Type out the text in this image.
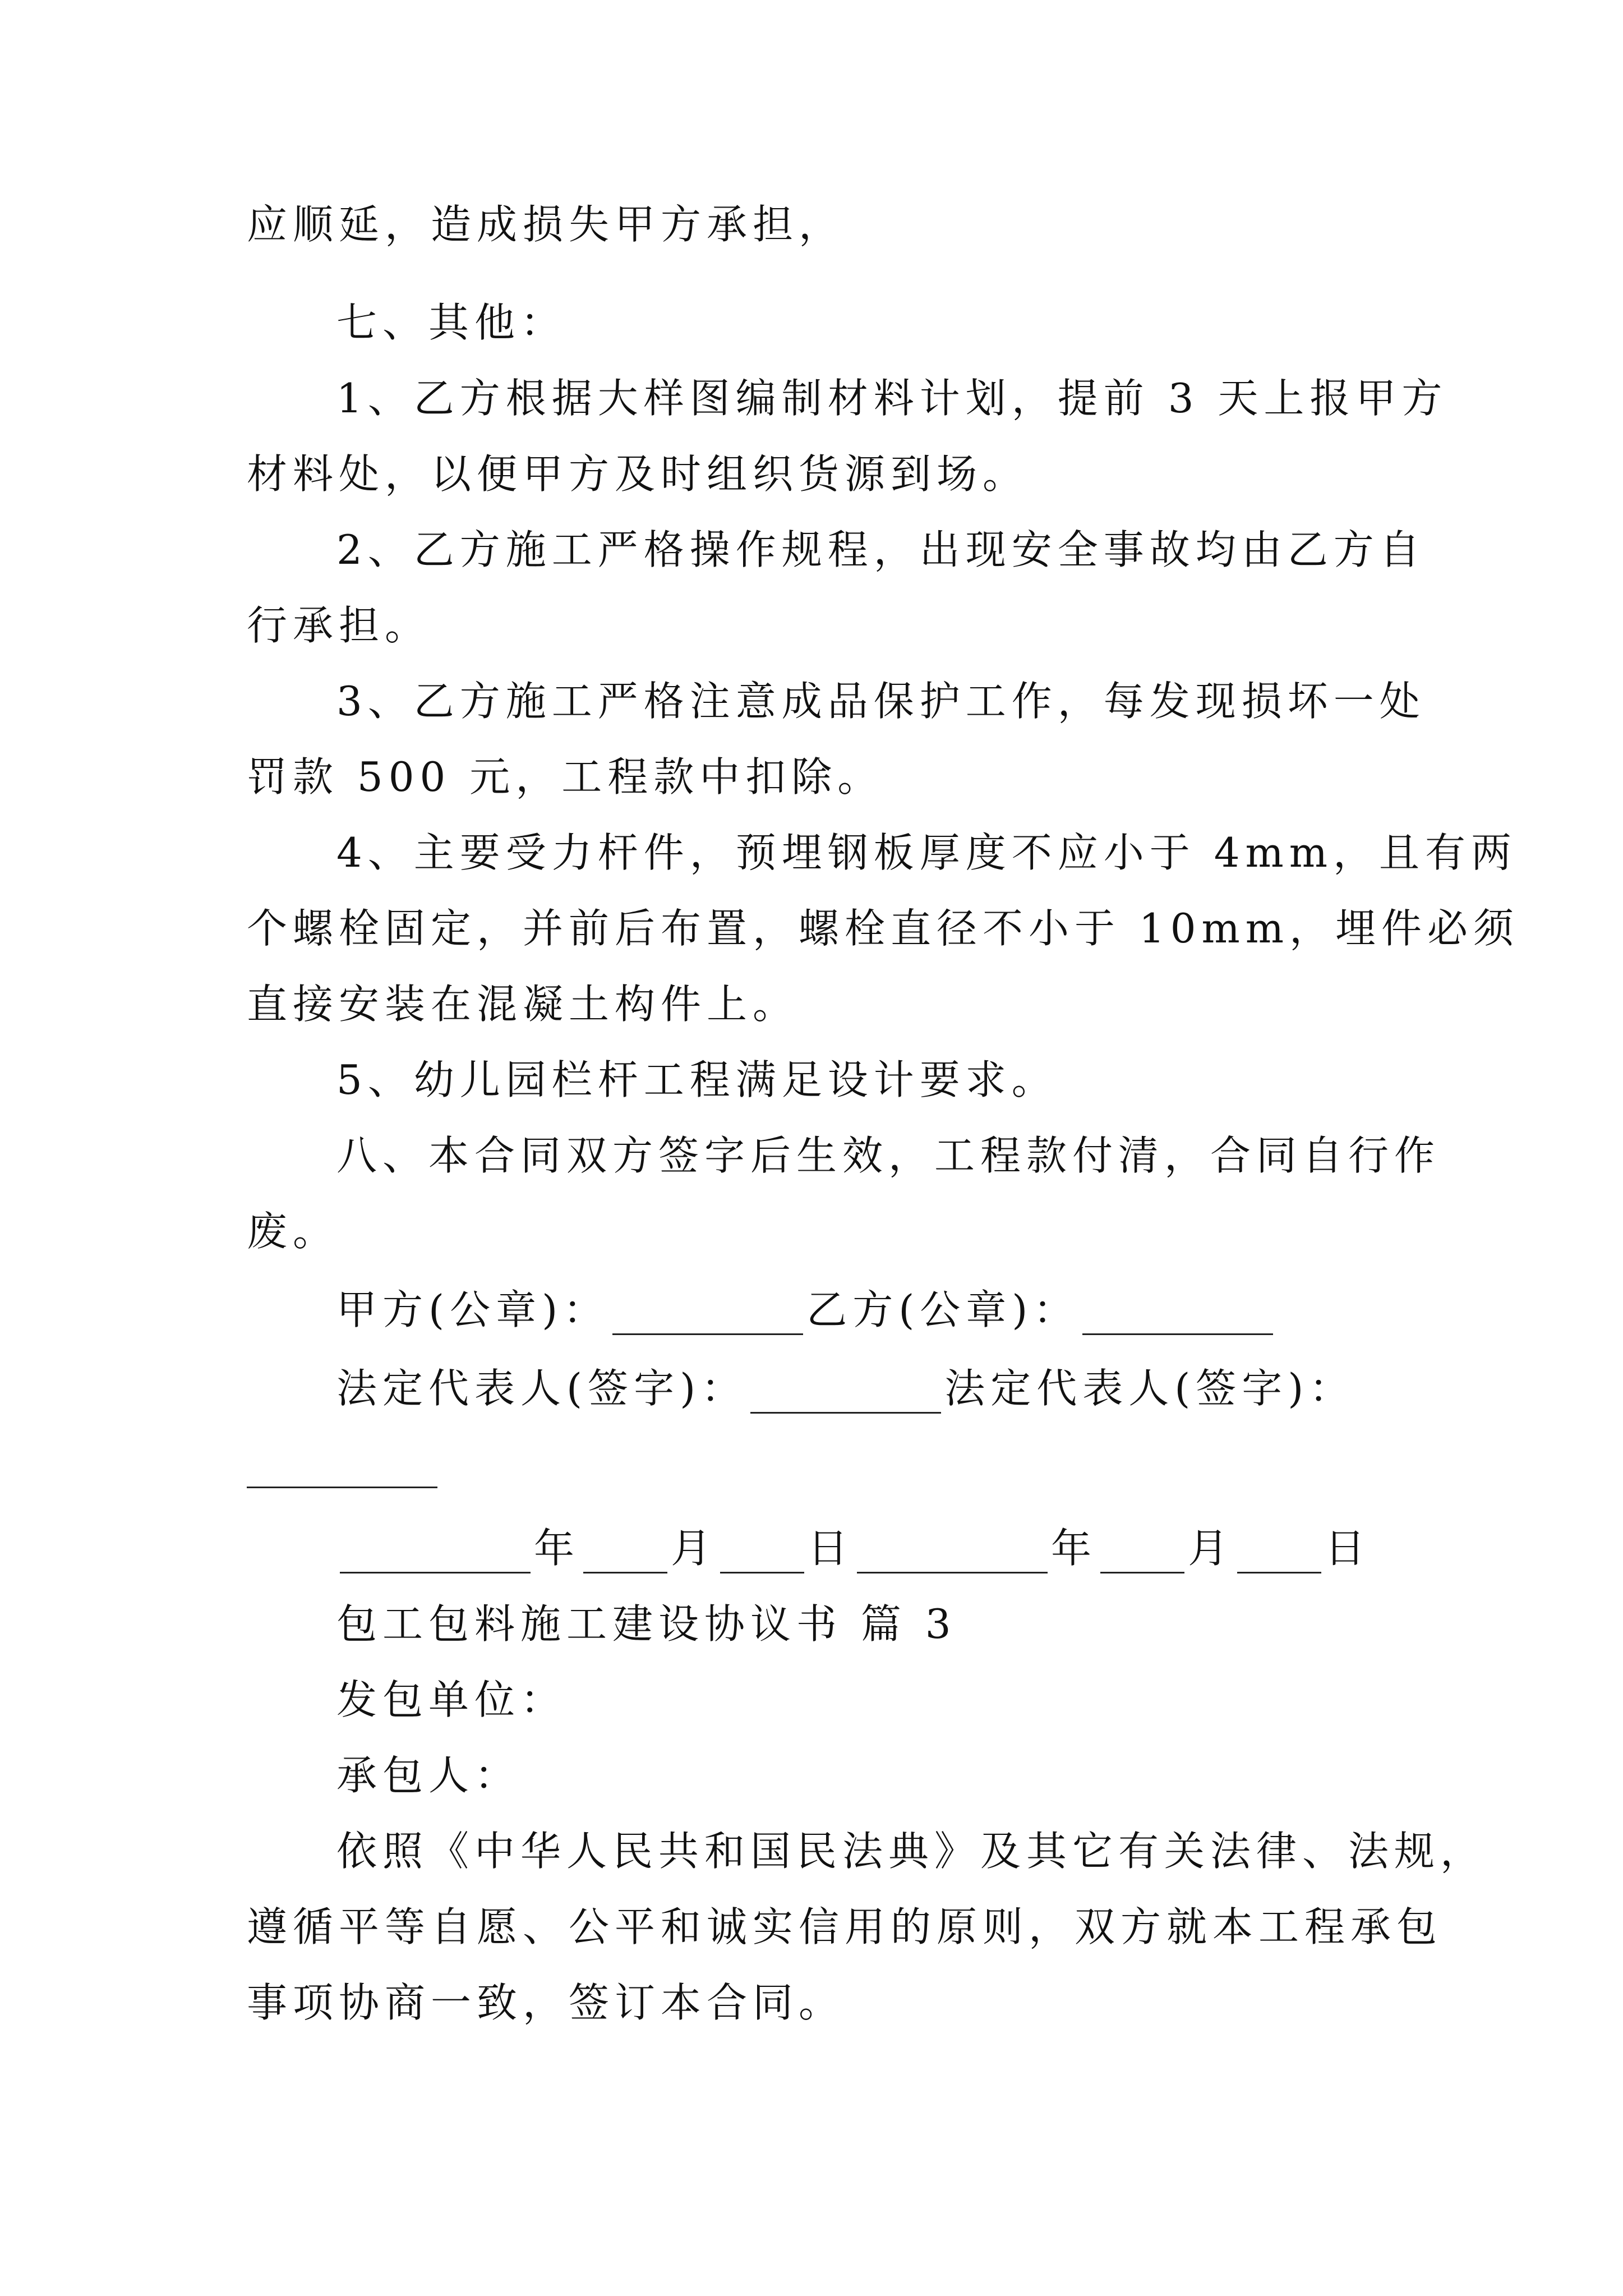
应顺延，造成损失甲方承担，
七、其他：
1、乙方根据大样图编制材料计划，提前 3 天上报甲方
材料处，以便甲方及时组织货源到场。
2、乙方施工严格操作规程，出现安全事故均由乙方自
行承担。
3、乙方施工严格注意成品保护工作，每发现损坏一处
罚款 500 元，工程款中扣除。
4、主要受力杆件，预埋钢板厚度不应小于 4mm，且有两
个螺栓固定，并前后布置，螺栓直径不小于 10mm，埋件必须
直接安装在混凝土构件上。
5、幼儿园栏杆工程满足设计要求。
八、本合同双方签字后生效，工程款付清，合同自行作
废。
甲方(公章)：	乙方(公章)：
法定代表人(签字)：	法定代表人(签字)：
年 月 日	年 月 日
包工包料施工建设协议书 篇 3
发包单位：
承包人：
依照《中华人民共和国民法典》及其它有关法律、法规，
遵循平等自愿、公平和诚实信用的原则，双方就本工程承包
事项协商一致，签订本合同。
